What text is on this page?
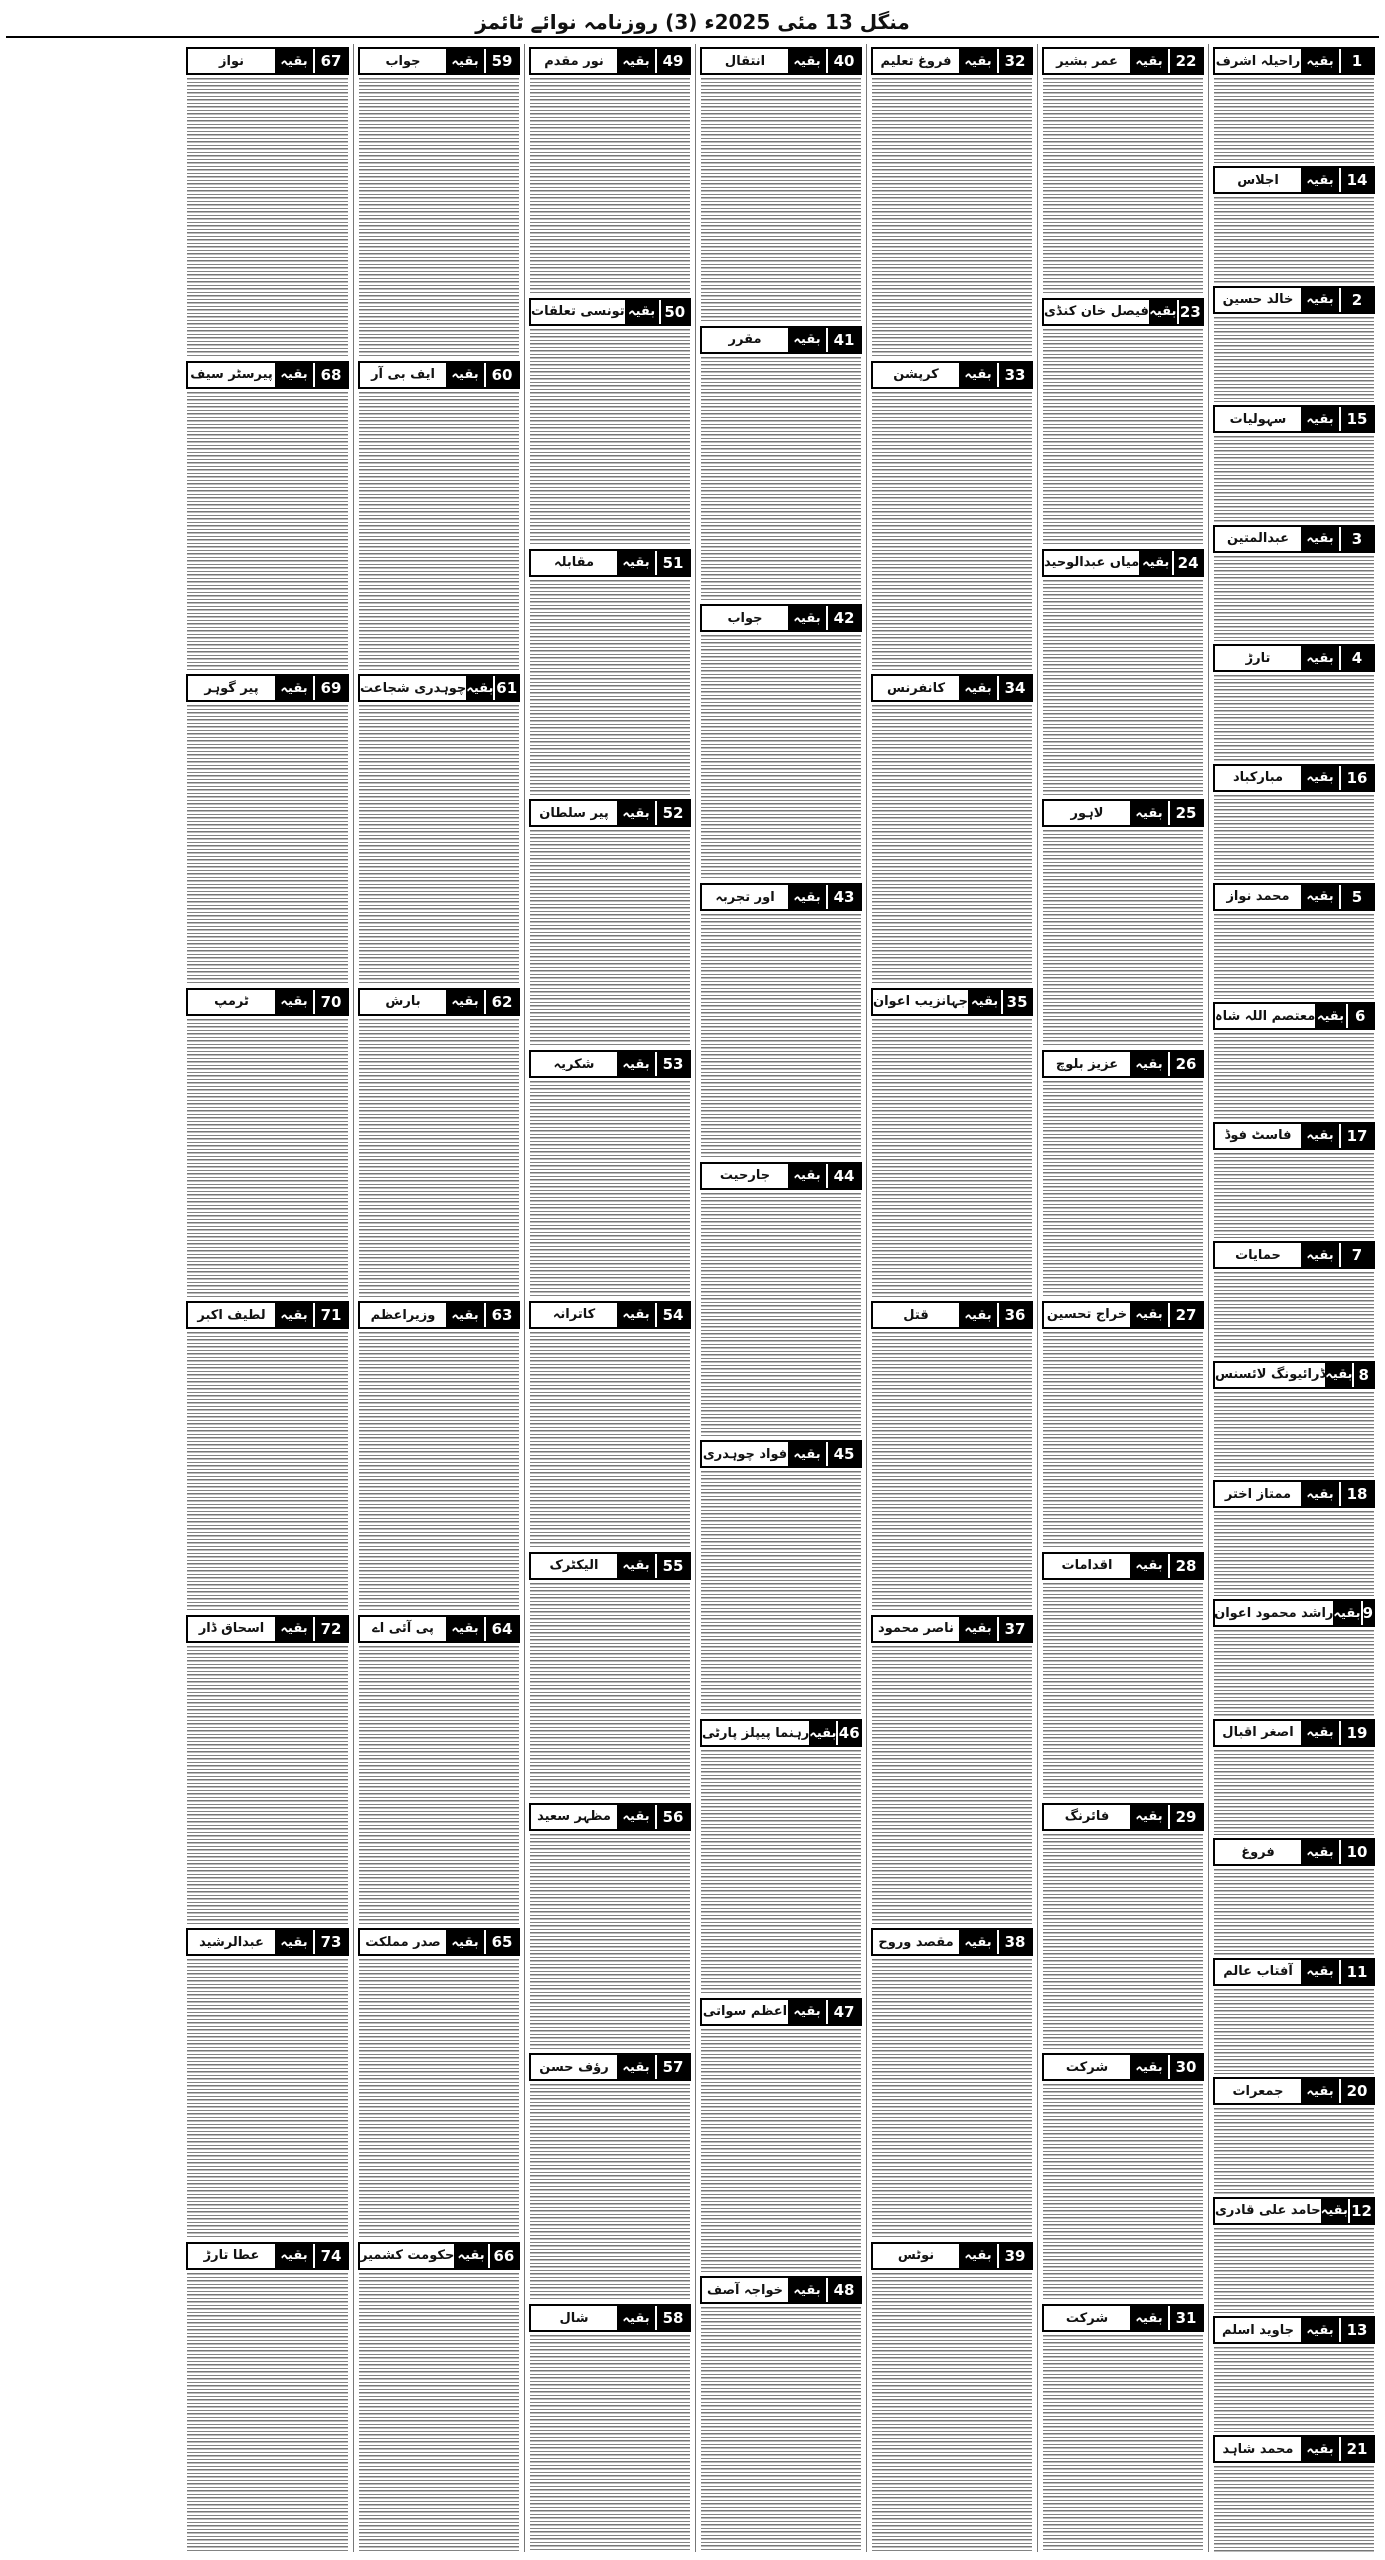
منگل 13 مئی 2025ء (3) روزنامہ نوائے ٹائمز
1
بقیہ
راحیلہ اشرف
14
بقیہ
اجلاس
2
بقیہ
خالد حسین
15
بقیہ
سہولیات
3
بقیہ
عبدالمتین
4
بقیہ
تارڑ
16
بقیہ
مبارکباد
5
بقیہ
محمد نواز
6
بقیہ
معتصم اللہ شاہ
17
بقیہ
فاسٹ فوڈ
7
بقیہ
حمایات
8
بقیہ
ڈرائیونگ لائسنس
18
بقیہ
ممتاز اختر
9
بقیہ
راشد محمود اعوان
19
بقیہ
اصغر اقبال
10
بقیہ
فروغ
11
بقیہ
آفتاب عالم
20
بقیہ
جمعرات
12
بقیہ
حامد علی قادری
13
بقیہ
جاوید اسلم
21
بقیہ
محمد شاہد
22
بقیہ
عمر بشیر
23
بقیہ
فیصل خان کنڈی
24
بقیہ
میاں عبدالوحید
25
بقیہ
لاہور
26
بقیہ
عزیز بلوچ
27
بقیہ
خراج تحسین
28
بقیہ
اقدامات
29
بقیہ
فائرنگ
30
بقیہ
شرکت
31
بقیہ
شرکت
32
بقیہ
فروغ تعلیم
33
بقیہ
کرپشن
34
بقیہ
کانفرنس
35
بقیہ
جہانزیب اعوان
36
بقیہ
قتل
37
بقیہ
ناصر محمود
38
بقیہ
مقصد وروح
39
بقیہ
نوٹس
40
بقیہ
انتقال
41
بقیہ
مقرر
42
بقیہ
جواب
43
بقیہ
اور تجربہ
44
بقیہ
جارحیت
45
بقیہ
فواد چوہدری
46
بقیہ
رہنما پیپلز پارٹی
47
بقیہ
اعظم سواتی
48
بقیہ
خواجہ آصف
49
بقیہ
نور مقدم
50
بقیہ
تونسی تعلقات
51
بقیہ
مقابلہ
52
بقیہ
پیر سلطان
53
بقیہ
شکریہ
54
بقیہ
کاترانہ
55
بقیہ
الیکٹرک
56
بقیہ
مظہر سعید
57
بقیہ
رؤف حسن
58
بقیہ
شال
59
بقیہ
جواب
60
بقیہ
ایف بی آر
61
بقیہ
چوہدری شجاعت
62
بقیہ
بارش
63
بقیہ
وزیراعظم
64
بقیہ
پی آئی اے
65
بقیہ
صدر مملکت
66
بقیہ
حکومت کشمیر
67
بقیہ
نواز
68
بقیہ
پیرسٹر سیف
69
بقیہ
پیر گوہر
70
بقیہ
ٹرمپ
71
بقیہ
لطیف اکبر
72
بقیہ
اسحاق ڈار
73
بقیہ
عبدالرشید
74
بقیہ
عطا تارڑ
